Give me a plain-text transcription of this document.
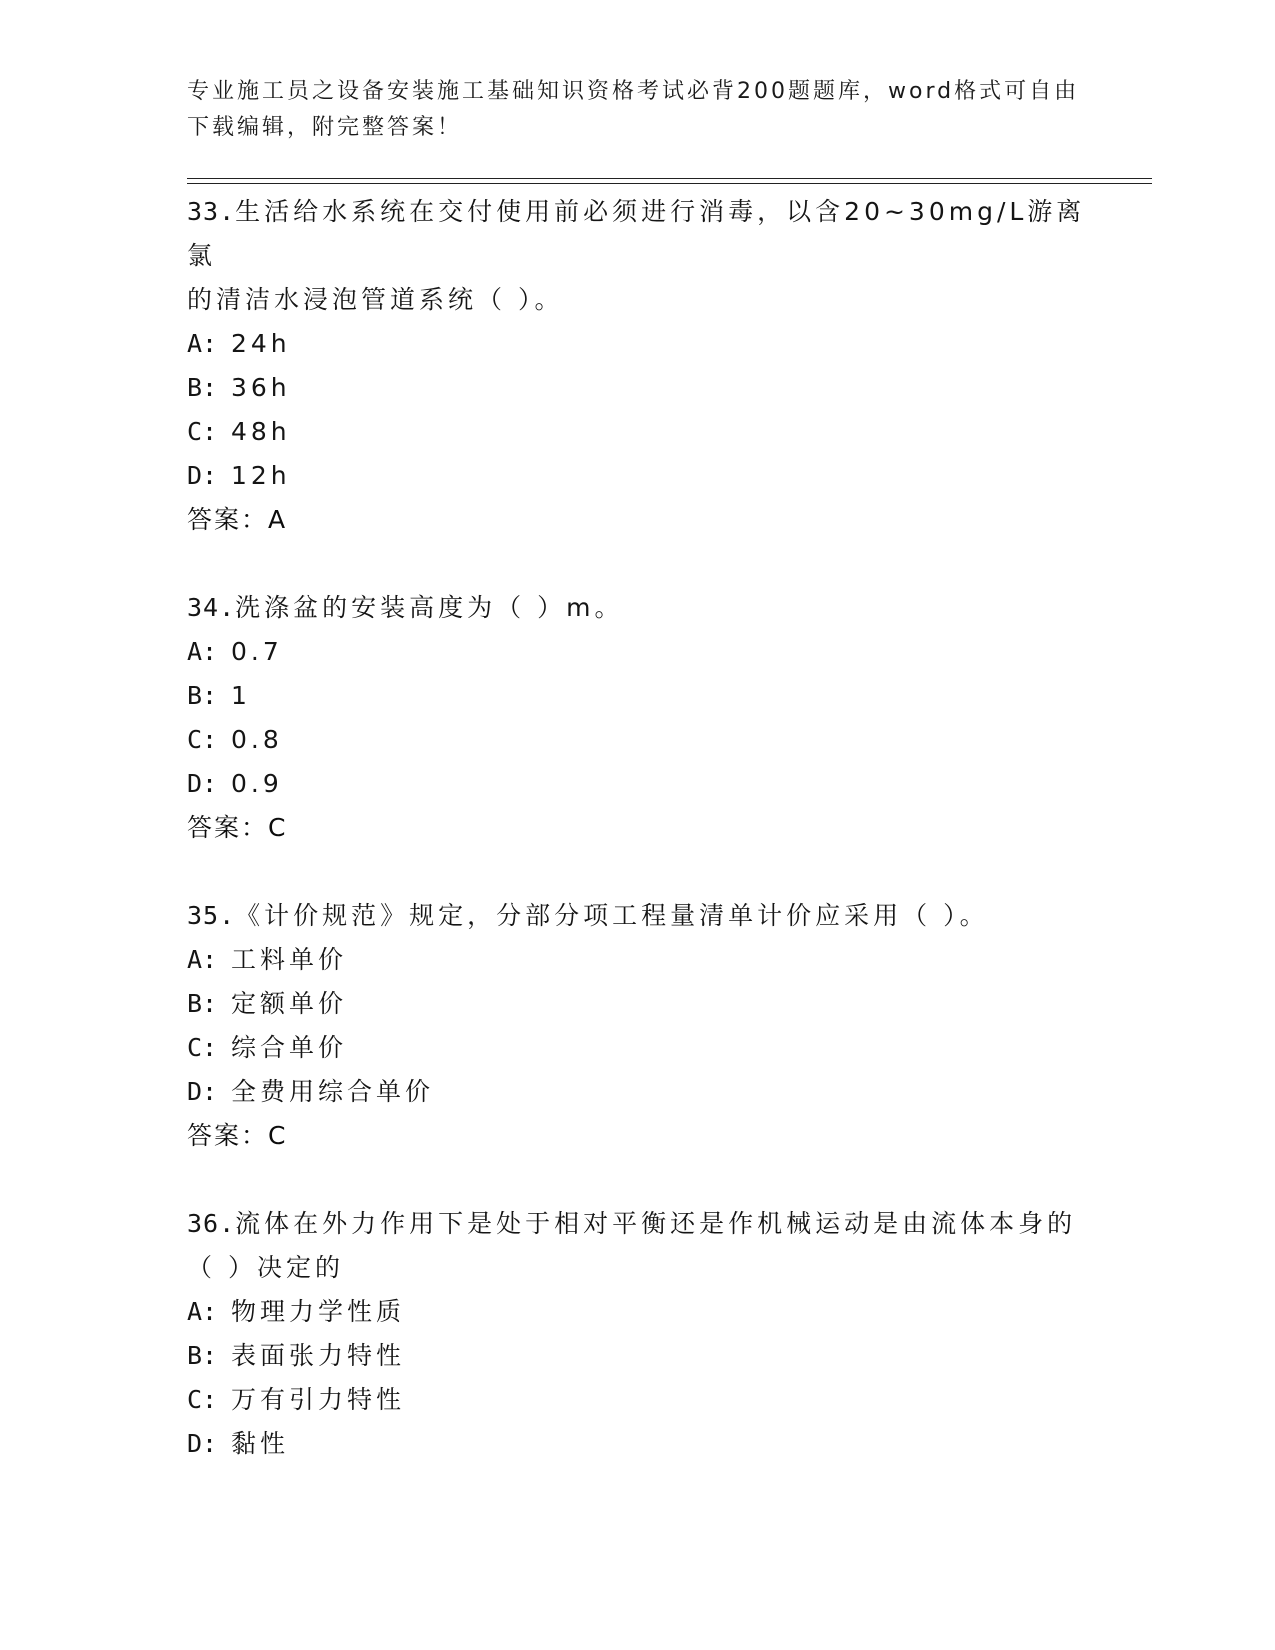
专业施工员之设备安装施工基础知识资格考试必背200题题库，word格式可自由
下载编辑，附完整答案！
33.生活给水系统在交付使用前必须进行消毒，以含20~30mg/L游离氯
的清洁水浸泡管道系统（ ）。
A: 24h
B: 36h
C: 48h
D: 12h
答案：A
34.洗涤盆的安装高度为（ ）m。
A: 0.7
B: 1
C: 0.8
D: 0.9
答案：C
35.《计价规范》规定，分部分项工程量清单计价应采用（ ）。
A: 工料单价
B: 定额单价
C: 综合单价
D: 全费用综合单价
答案：C
36.流体在外力作用下是处于相对平衡还是作机械运动是由流体本身的
（ ）决定的
A: 物理力学性质
B: 表面张力特性
C: 万有引力特性
D: 黏性
